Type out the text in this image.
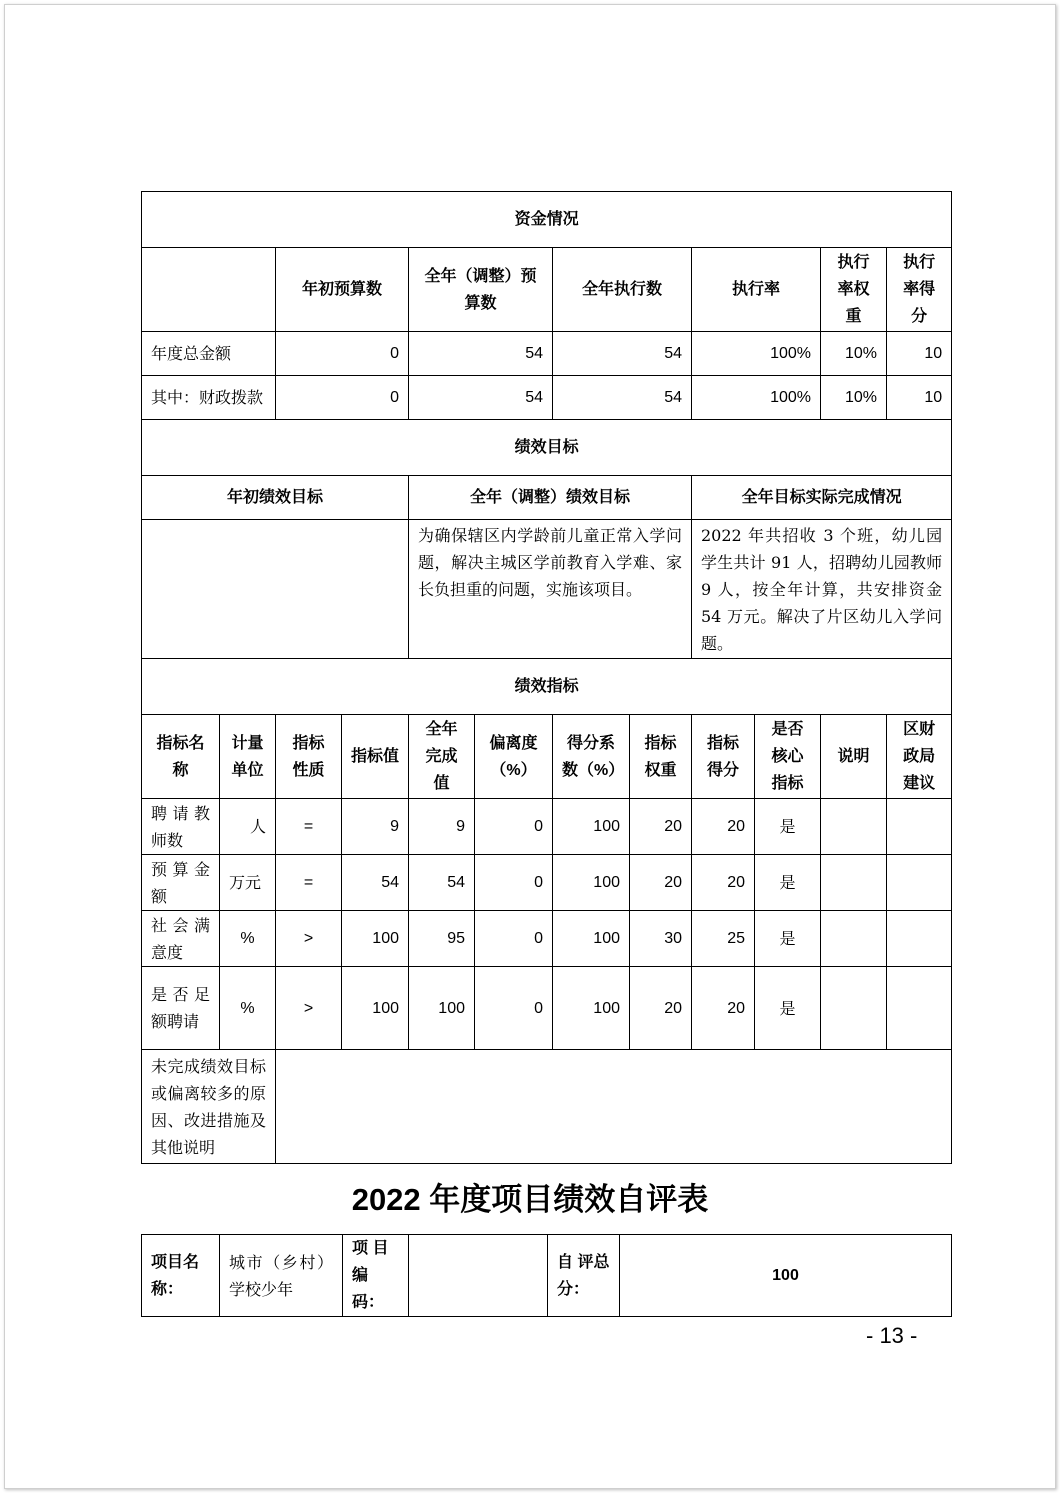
资金情况											
		年初预算数		全年（调整）预算数		全年执行数		执行率		执行率权重	执行率得分
年度总金额		0		54		54		100%		10%	10
其中：财政拨款		0		54		54		100%		10%	10
绩效目标											
年初绩效目标				全年（调整）绩效目标				全年目标实际完成情况			
				为确保辖区内学龄前儿童正常入学问题，解决主城区学前教育入学难、家长负担重的问题，实施该项目。				2022 年共招收 3 个班，幼儿园学生共计 91 人，招聘幼儿园教师 9 人，按全年计算，共安排资金 54 万元。解决了片区幼儿入学问题。			
绩效指标											
指标名称	计量单位	指标性质	指标值	全年完成值	偏离度（%）	得分系数（%）	指标权重	指标得分	是否核心指标	说明	区财政局建议
聘请教师数	人	=	9	9	0	100	20	20	是		
预算金额	万元	=	54	54	0	100	20	20	是		
社会满意度	%	>	100	95	0	100	30	25	是		
是否足额聘请	%	>	100	100	0	100	20	20	是		
未完成绩效目标或偏离较多的原因、改进措施及其他说明											
2022 年度项目绩效自评表
项目名称：	城市（乡村）学校少年	项 目编码：		自 评总分：	100
- 13 -
